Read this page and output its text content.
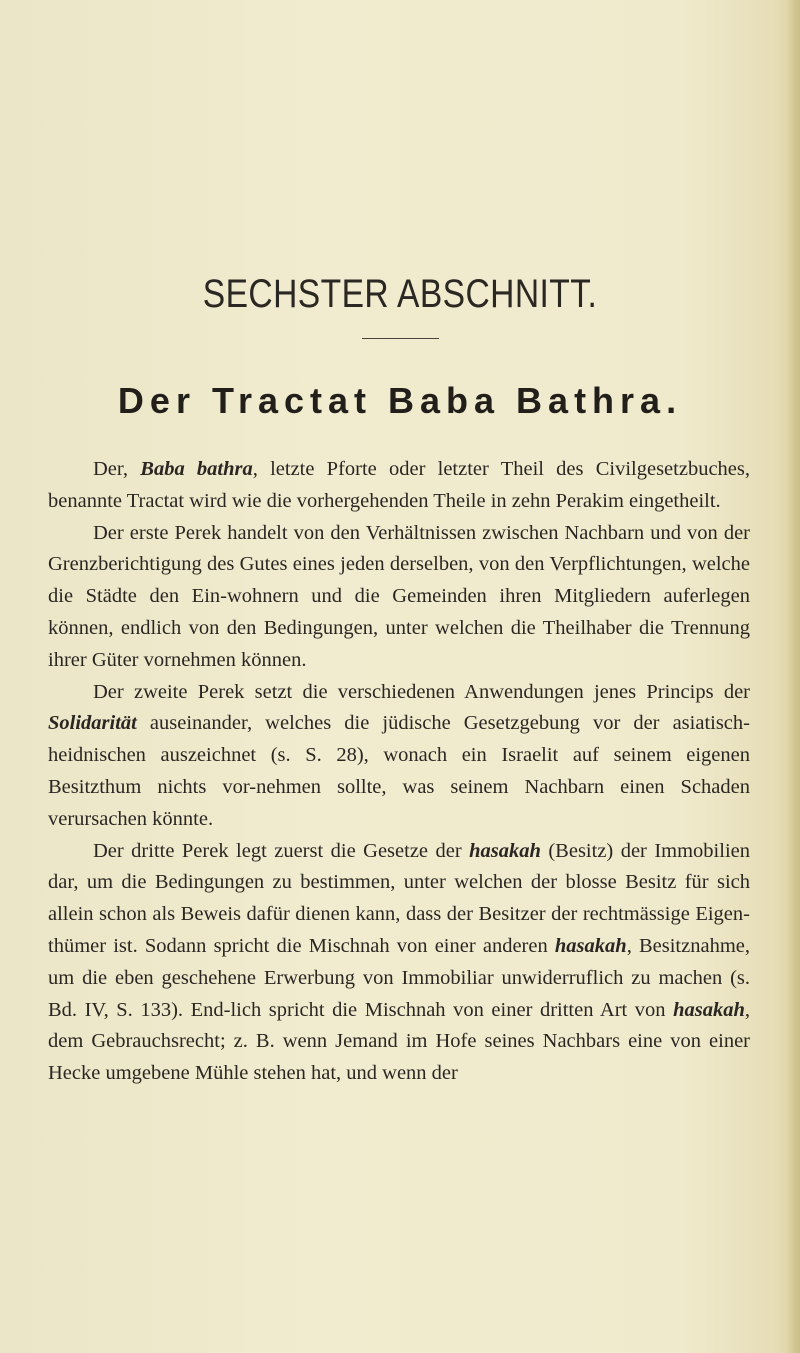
SECHSTER ABSCHNITT.
Der Tractat Baba Bathra.

Der, Baba bathra, letzte Pforte oder letzter Theil des Civilgesetzbuches, benannte Tractat wird wie die vorhergehenden Theile in zehn Perakim eingetheilt.

Der erste Perek handelt von den Verhältnissen zwischen Nachbarn und von der Grenzberichtigung des Gutes eines jeden derselben, von den Verpflichtungen, welche die Städte den Ein-wohnern und die Gemeinden ihren Mitgliedern auferlegen können, endlich von den Bedingungen, unter welchen die Theilhaber die Trennung ihrer Güter vornehmen können.

Der zweite Perek setzt die verschiedenen Anwendungen jenes Princips der Solidarität auseinander, welches die jüdische Gesetzgebung vor der asiatisch-heidnischen auszeichnet (s. S. 28), wonach ein Israelit auf seinem eigenen Besitzthum nichts vor-nehmen sollte, was seinem Nachbarn einen Schaden verursachen könnte.

Der dritte Perek legt zuerst die Gesetze der hasakah (Besitz) der Immobilien dar, um die Bedingungen zu bestimmen, unter welchen der blosse Besitz für sich allein schon als Beweis dafür dienen kann, dass der Besitzer der rechtmässige Eigen-thümer ist. Sodann spricht die Mischnah von einer anderen hasakah, Besitznahme, um die eben geschehene Erwerbung von Immobiliar unwiderruflich zu machen (s. Bd. IV, S. 133). End-lich spricht die Mischnah von einer dritten Art von hasakah, dem Gebrauchsrecht; z. B. wenn Jemand im Hofe seines Nachbars eine von einer Hecke umgebene Mühle stehen hat, und wenn der
